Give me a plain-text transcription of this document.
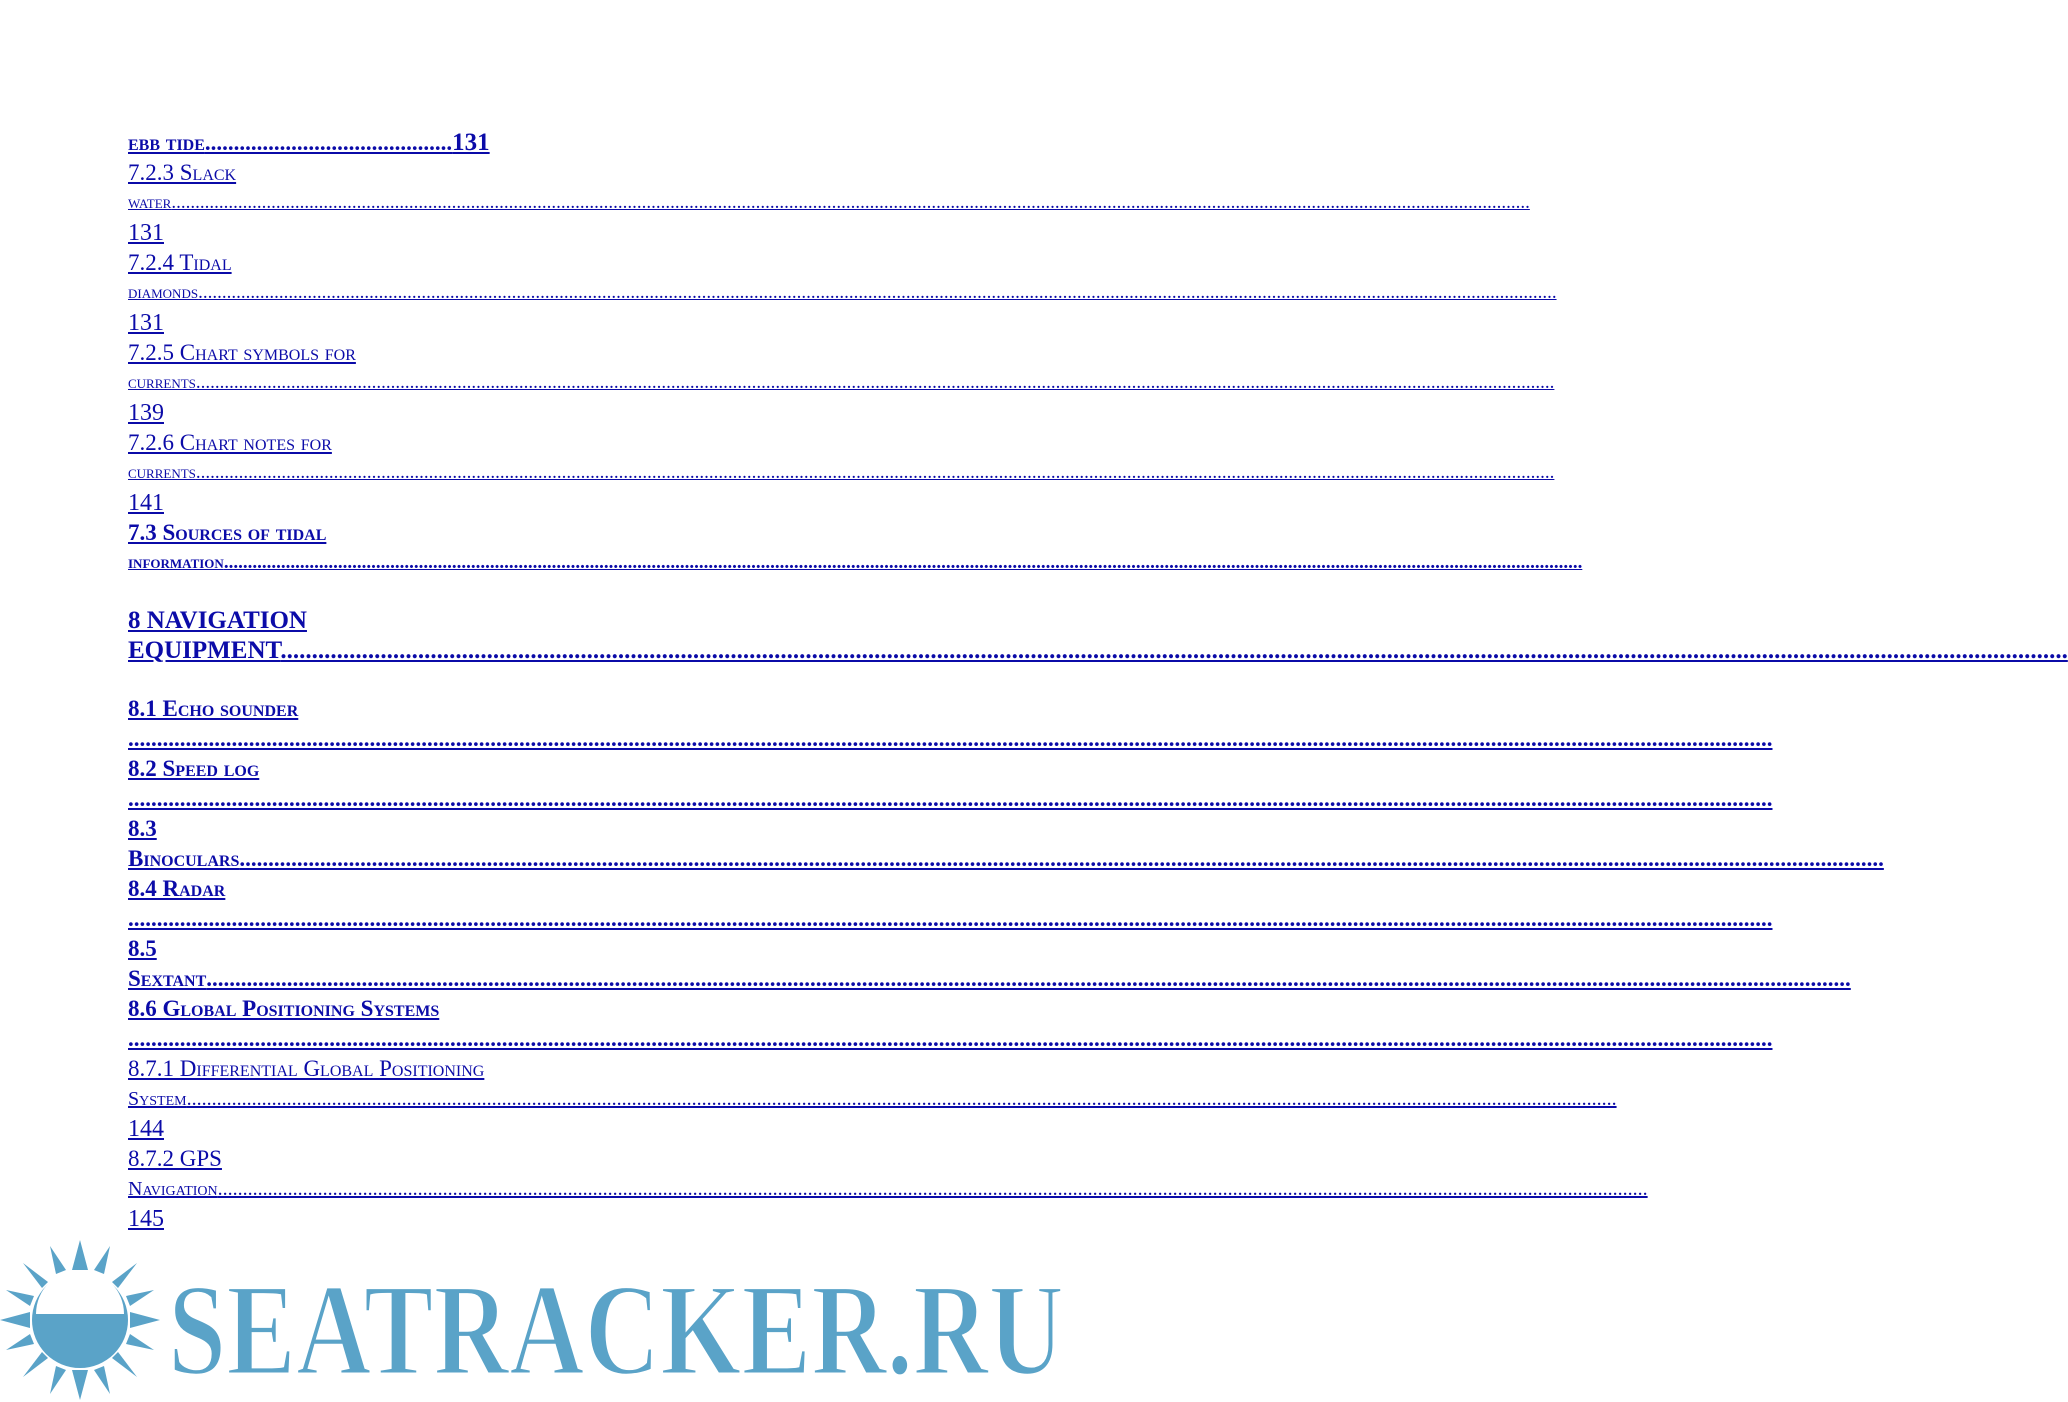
ebb tide...........................................131
7.2.3 Slack
water .....
131
7.2.4 Tidal
diamonds .....
131
7.2.5 Chart symbols for
currents .....
139
7.2.6 Chart notes for
currents .....
141
7.3 Sources of tidal
information .....
8 NAVIGATION
EQUIPMENT .....
8.1 Echo sounder
.....
8.2 Speed log
.....
8.3
Binoculars .....
8.4 Radar
.....
8.5
Sextant .....
8.6 Global Positioning Systems
.....
8.7.1 Differential Global Positioning
System .....
144
8.7.2 GPS
Navigation .....
145
SEATRACKER.RU
